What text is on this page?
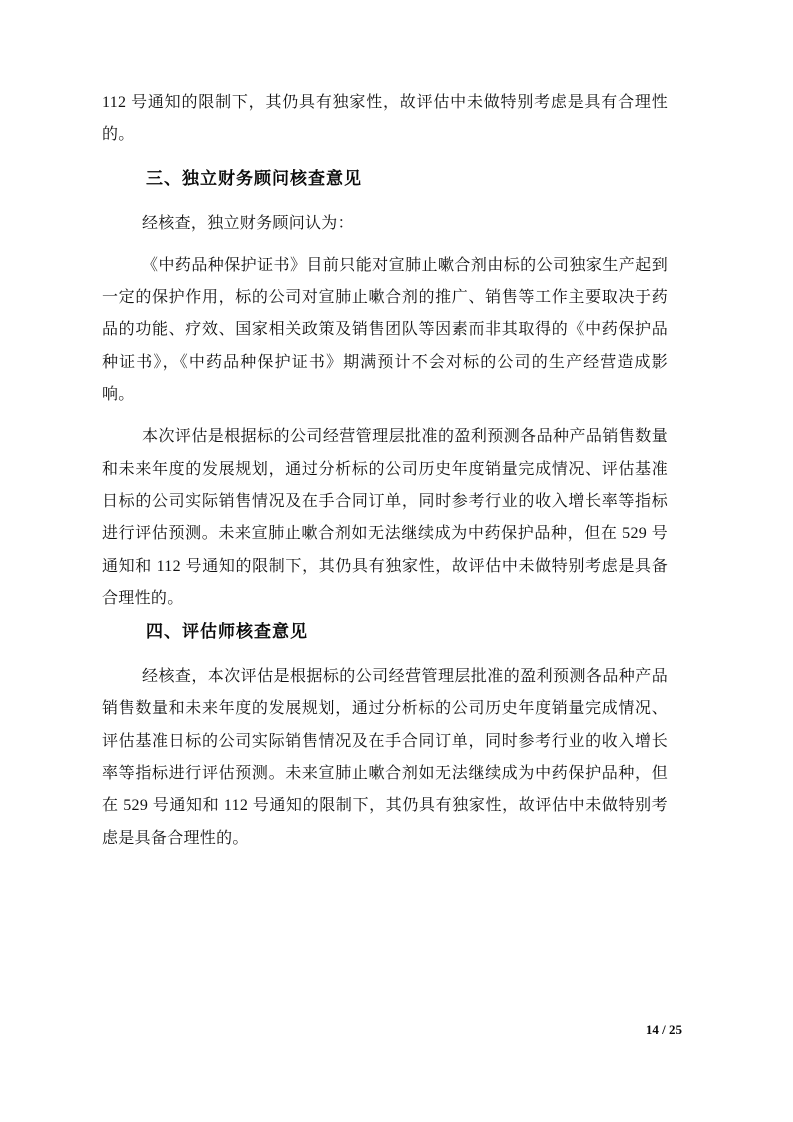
112 号通知的限制下，其仍具有独家性，故评估中未做特别考虑是具有合理性的。

三、独立财务顾问核查意见

经核查，独立财务顾问认为：

《中药品种保护证书》目前只能对宣肺止嗽合剂由标的公司独家生产起到一定的保护作用，标的公司对宣肺止嗽合剂的推广、销售等工作主要取决于药品的功能、疗效、国家相关政策及销售团队等因素而非其取得的《中药保护品种证书》，《中药品种保护证书》期满预计不会对标的公司的生产经营造成影响。

本次评估是根据标的公司经营管理层批准的盈利预测各品种产品销售数量和未来年度的发展规划，通过分析标的公司历史年度销量完成情况、评估基准日标的公司实际销售情况及在手合同订单，同时参考行业的收入增长率等指标进行评估预测。未来宣肺止嗽合剂如无法继续成为中药保护品种，但在 529 号通知和 112 号通知的限制下，其仍具有独家性，故评估中未做特别考虑是具备合理性的。

四、评估师核查意见

经核查，本次评估是根据标的公司经营管理层批准的盈利预测各品种产品销售数量和未来年度的发展规划，通过分析标的公司历史年度销量完成情况、评估基准日标的公司实际销售情况及在手合同订单，同时参考行业的收入增长率等指标进行评估预测。未来宣肺止嗽合剂如无法继续成为中药保护品种，但在 529 号通知和 112 号通知的限制下，其仍具有独家性，故评估中未做特别考虑是具备合理性的。

14 / 25
